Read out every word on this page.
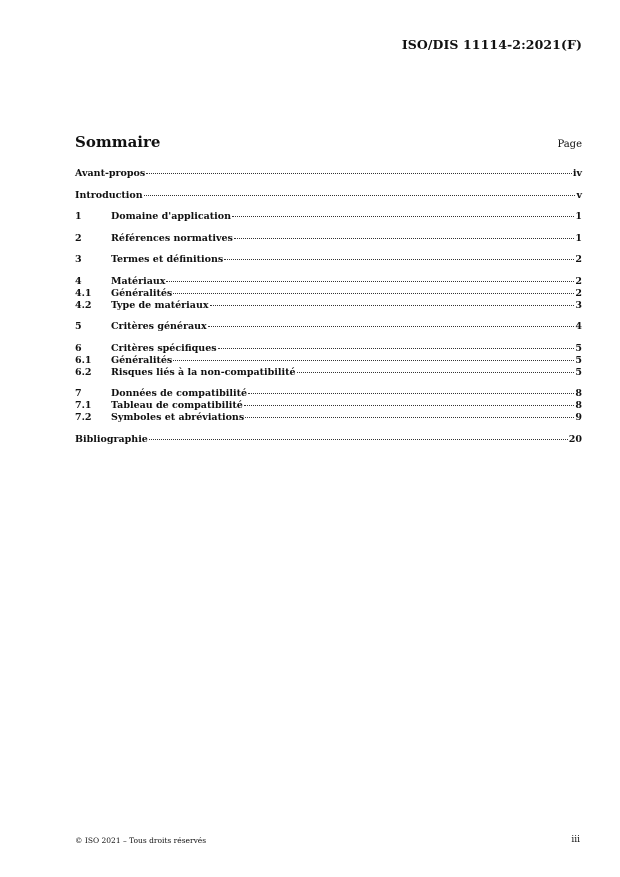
ISO/DIS 11114-2:2021(F)
Sommaire	Page
Avant-propos	iv
Introduction	v
1	Domaine d'application	1
2	Références normatives	1
3	Termes et définitions	2
4	Matériaux	2
4.1	Généralités	2
4.2	Type de matériaux	3
5	Critères généraux	4
6	Critères spécifiques	5
6.1	Généralités	5
6.2	Risques liés à la non-compatibilité	5
7	Données de compatibilité	8
7.1	Tableau de compatibilité	8
7.2	Symboles et abréviations	9
Bibliographie	20
© ISO 2021 – Tous droits réservés	iii
